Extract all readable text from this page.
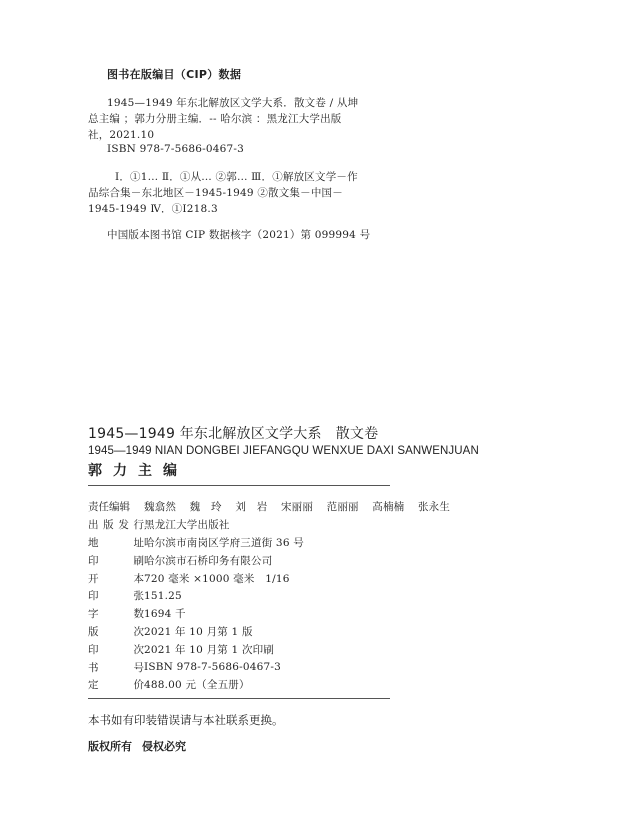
图书在版编目（CIP）数据
1945—1949 年东北解放区文学大系．散文卷 / 从坤
总主编 ；郭力分册主编．-- 哈尔滨 ：黑龙江大学出版
社，2021.10
ISBN 978-7-5686-0467-3
Ⅰ．①1… Ⅱ．①从… ②郭… Ⅲ．①解放区文学－作
品综合集－东北地区－1945-1949 ②散文集－中国－
1945-1949 Ⅳ．①I218.3
中国版本图书馆 CIP 数据核字（2021）第 099994 号
1945—1949 年东北解放区文学大系 散文卷
1945—1949 NIAN DONGBEI JIEFANGQU WENXUE DAXI SANWENJUAN
郭力主编
责任编辑	魏翕然 魏　玲 刘　岩 宋丽丽 范丽丽 高楠楠 张永生
出 版 发 行 黑龙江大学出版社
地	址 哈尔滨市南岗区学府三道街 36 号
印	刷 哈尔滨市石桥印务有限公司
开	本 720 毫米 ×1000 毫米　1/16
印	张 151.25
字	数 1694 千
版	次 2021 年 10 月第 1 版
印	次 2021 年 10 月第 1 次印刷
书	号 ISBN 978-7-5686-0467-3
定	价 488.00 元（全五册）
本书如有印装错误请与本社联系更换。
版权所有 侵权必究
